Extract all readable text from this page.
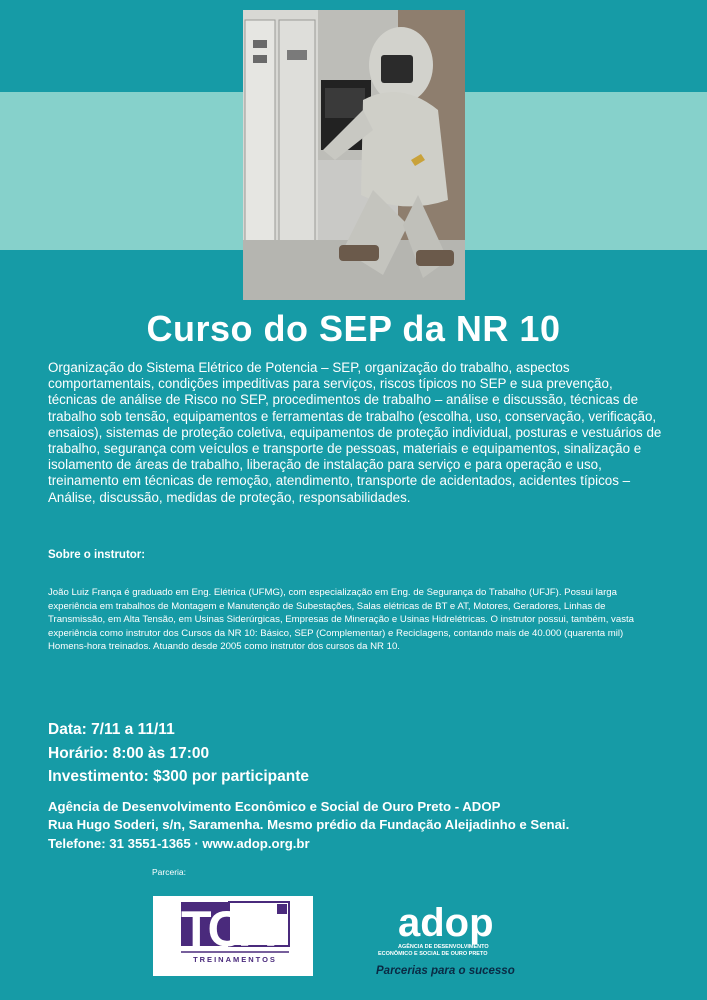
Curso do SEP da NR 10
Organização do Sistema Elétrico de Potencia – SEP, organização do trabalho, aspectos comportamentais, condições impeditivas para serviços, riscos típicos no SEP e sua prevenção, técnicas de análise de Risco no SEP, procedimentos de trabalho – análise e discussão, técnicas de trabalho sob tensão, equipamentos e ferramentas de trabalho (escolha, uso, conservação, verificação, ensaios), sistemas de proteção coletiva, equipamentos de proteção individual, posturas e vestuários de trabalho, segurança com veículos e transporte de pessoas, materiais e equipamentos, sinalização e isolamento de áreas de trabalho, liberação de instalação para serviço e para operação e uso, treinamento em técnicas de remoção, atendimento, transporte de acidentados, acidentes típicos – Análise, discussão, medidas de proteção, responsabilidades.
Sobre o instrutor:
João Luiz França é graduado em Eng. Elétrica (UFMG), com especialização em Eng. de Segurança do Trabalho (UFJF). Possui larga experiência em trabalhos de Montagem e Manutenção de Subestações, Salas elétricas de BT e AT, Motores, Geradores, Linhas de Transmissão, em Alta Tensão, em Usinas Siderúrgicas, Empresas de Mineração e Usinas Hidrelétricas. O instrutor possui, também, vasta experiência como instrutor dos Cursos da NR 10: Básico, SEP (Complementar) e Reciclagens, contando mais de 40.000 (quarenta mil) Homens-hora treinados. Atuando desde 2005 como instrutor dos cursos da NR 10.
Data: 7/11 a 11/11
Horário: 8:00 às 17:00
Investimento: $300 por participante
Agência de Desenvolvimento Econômico e Social de Ouro Preto - ADOP
Rua Hugo Soderi, s/n, Saramenha. Mesmo prédio da Fundação Aleijadinho e Senai.
Telefone: 31 3551-1365 · www.adop.org.br
Parceria:
TCA
TREINAMENTOS
adop
AGÊNCIA DE DESENVOLVIMENTO
ECONÔMICO E SOCIAL DE OURO PRETO
Parcerias para o sucesso
